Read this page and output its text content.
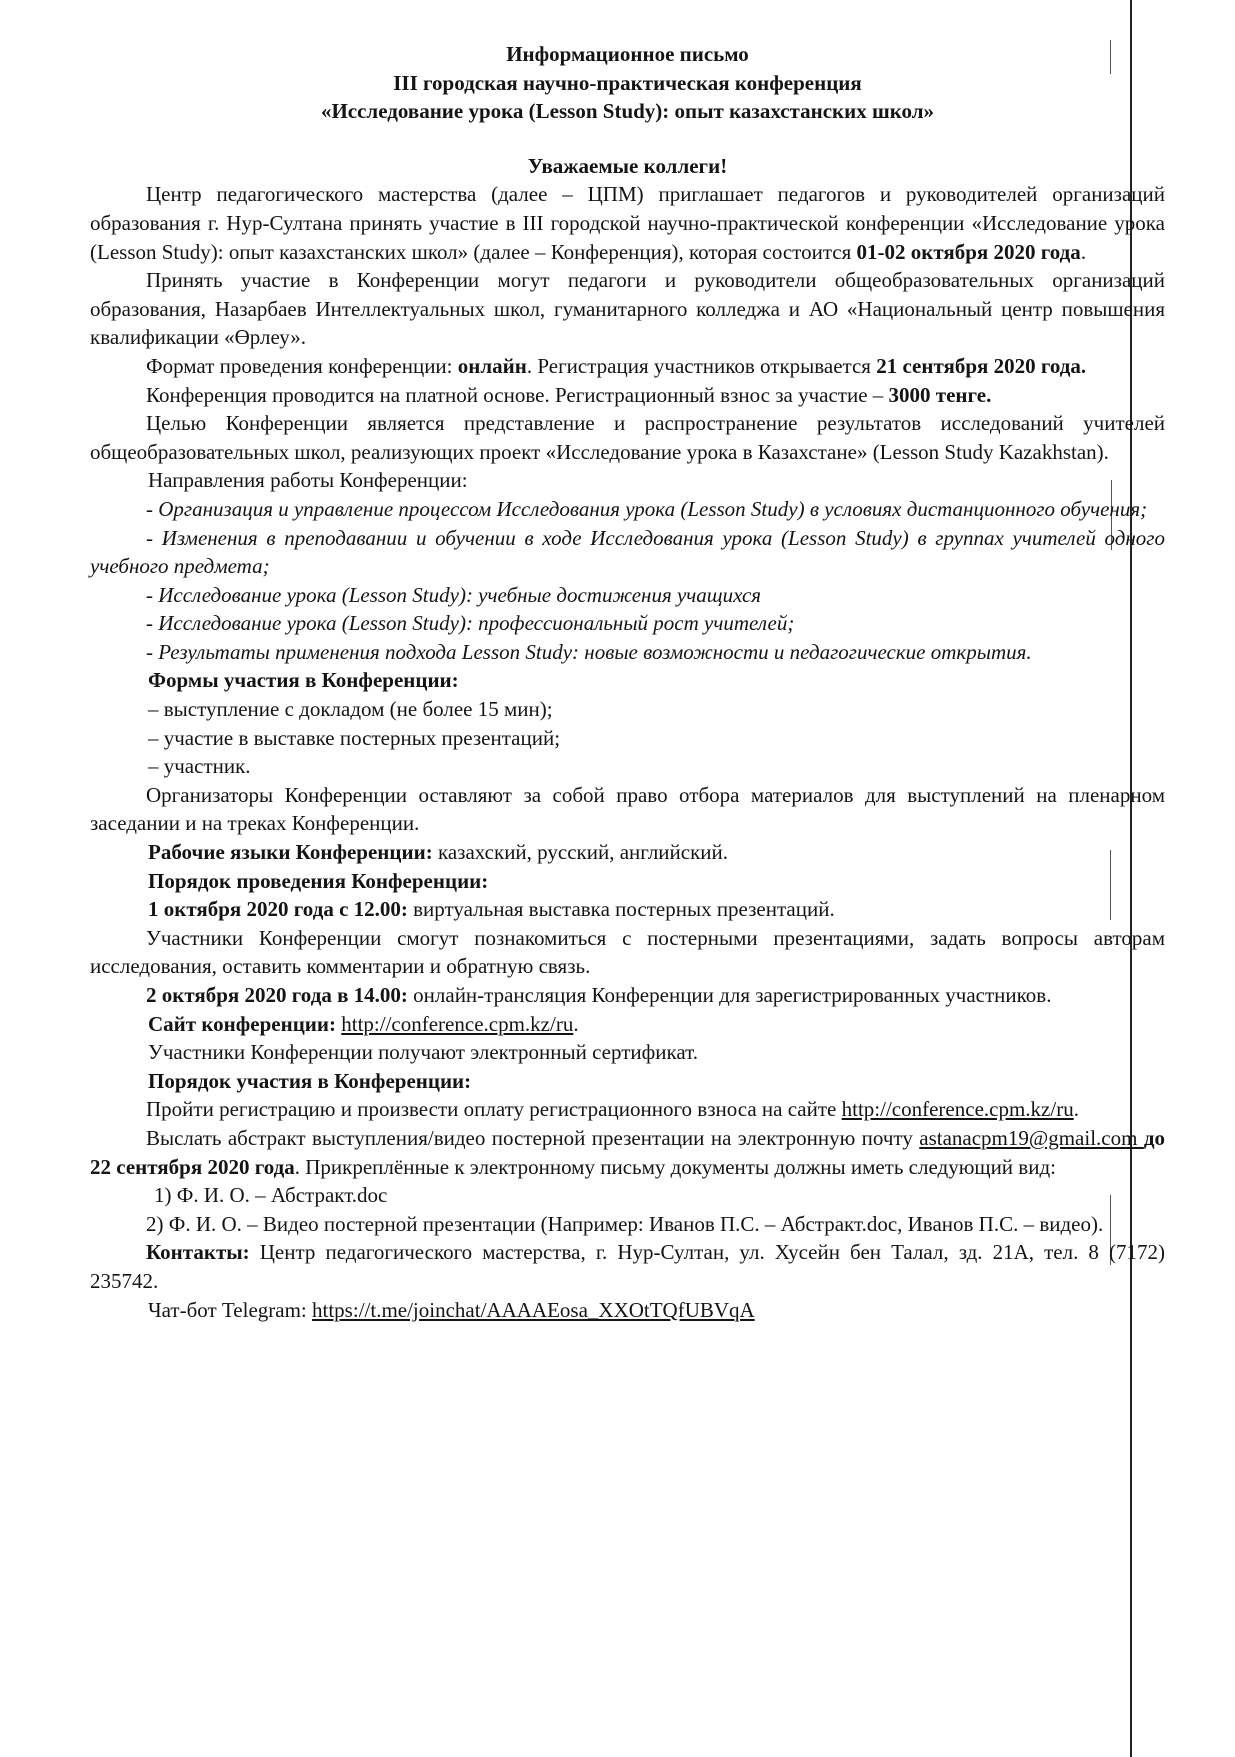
Информационное письмо

III городская научно-практическая конференция

«Исследование урока (Lesson Study): опыт казахстанских школ»

Уважаемые коллеги!

Центр педагогического мастерства (далее – ЦПМ) приглашает педагогов и руководителей организаций образования г. Нур-Султана принять участие в III городской научно-практической конференции «Исследование урока (Lesson Study): опыт казахстанских школ» (далее – Конференция), которая состоится 01-02 октября 2020 года.

Принять участие в Конференции могут педагоги и руководители общеобразовательных организаций образования, Назарбаев Интеллектуальных школ, гуманитарного колледжа и АО «Национальный центр повышения квалификации «Өрлеу».

Формат проведения конференции: онлайн. Регистрация участников открывается 21 сентября 2020 года.

Конференция проводится на платной основе. Регистрационный взнос за участие – 3000 тенге.

Целью Конференции является представление и распространение результатов исследований учителей общеобразовательных школ, реализующих проект «Исследование урока в Казахстане» (Lesson Study Kazakhstan).

Направления работы Конференции:

- Организация и управление процессом Исследования урока (Lesson Study) в условиях дистанционного обучения;

- Изменения в преподавании и обучении в ходе Исследования урока (Lesson Study) в группах учителей одного учебного предмета;

- Исследование урока (Lesson Study): учебные достижения учащихся

- Исследование урока (Lesson Study): профессиональный рост учителей;

- Результаты применения подхода Lesson Study: новые возможности и педагогические открытия.

Формы участия в Конференции:

– выступление с докладом (не более 15 мин);

– участие в выставке постерных презентаций;

– участник.

Организаторы Конференции оставляют за собой право отбора материалов для выступлений на пленарном заседании и на треках Конференции.

Рабочие языки Конференции: казахский, русский, английский.

Порядок проведения Конференции:

1 октября 2020 года с 12.00: виртуальная выставка постерных презентаций.

Участники Конференции смогут познакомиться с постерными презентациями, задать вопросы авторам исследования, оставить комментарии и обратную связь.

2 октября 2020 года в 14.00: онлайн-трансляция Конференции для зарегистрированных участников.

Сайт конференции: http://conference.cpm.kz/ru.

Участники Конференции получают электронный сертификат.

Порядок участия в Конференции:

Пройти регистрацию и произвести оплату регистрационного взноса на сайте http://conference.cpm.kz/ru.

Выслать абстракт выступления/видео постерной презентации на электронную почту astanacpm19@gmail.com до 22 сентября 2020 года. Прикреплённые к электронному письму документы должны иметь следующий вид:

1) Ф. И. О. – Абстракт.doc

2) Ф. И. О. – Видео постерной презентации (Например: Иванов П.С. – Абстракт.doc, Иванов П.С. – видео).

Контакты: Центр педагогического мастерства, г. Нур-Султан, ул. Хусейн бен Талал, зд. 21А, тел. 8 (7172) 235742.

Чат-бот Telegram: https://t.me/joinchat/AAAAEosa_XXOtTQfUBVqA
